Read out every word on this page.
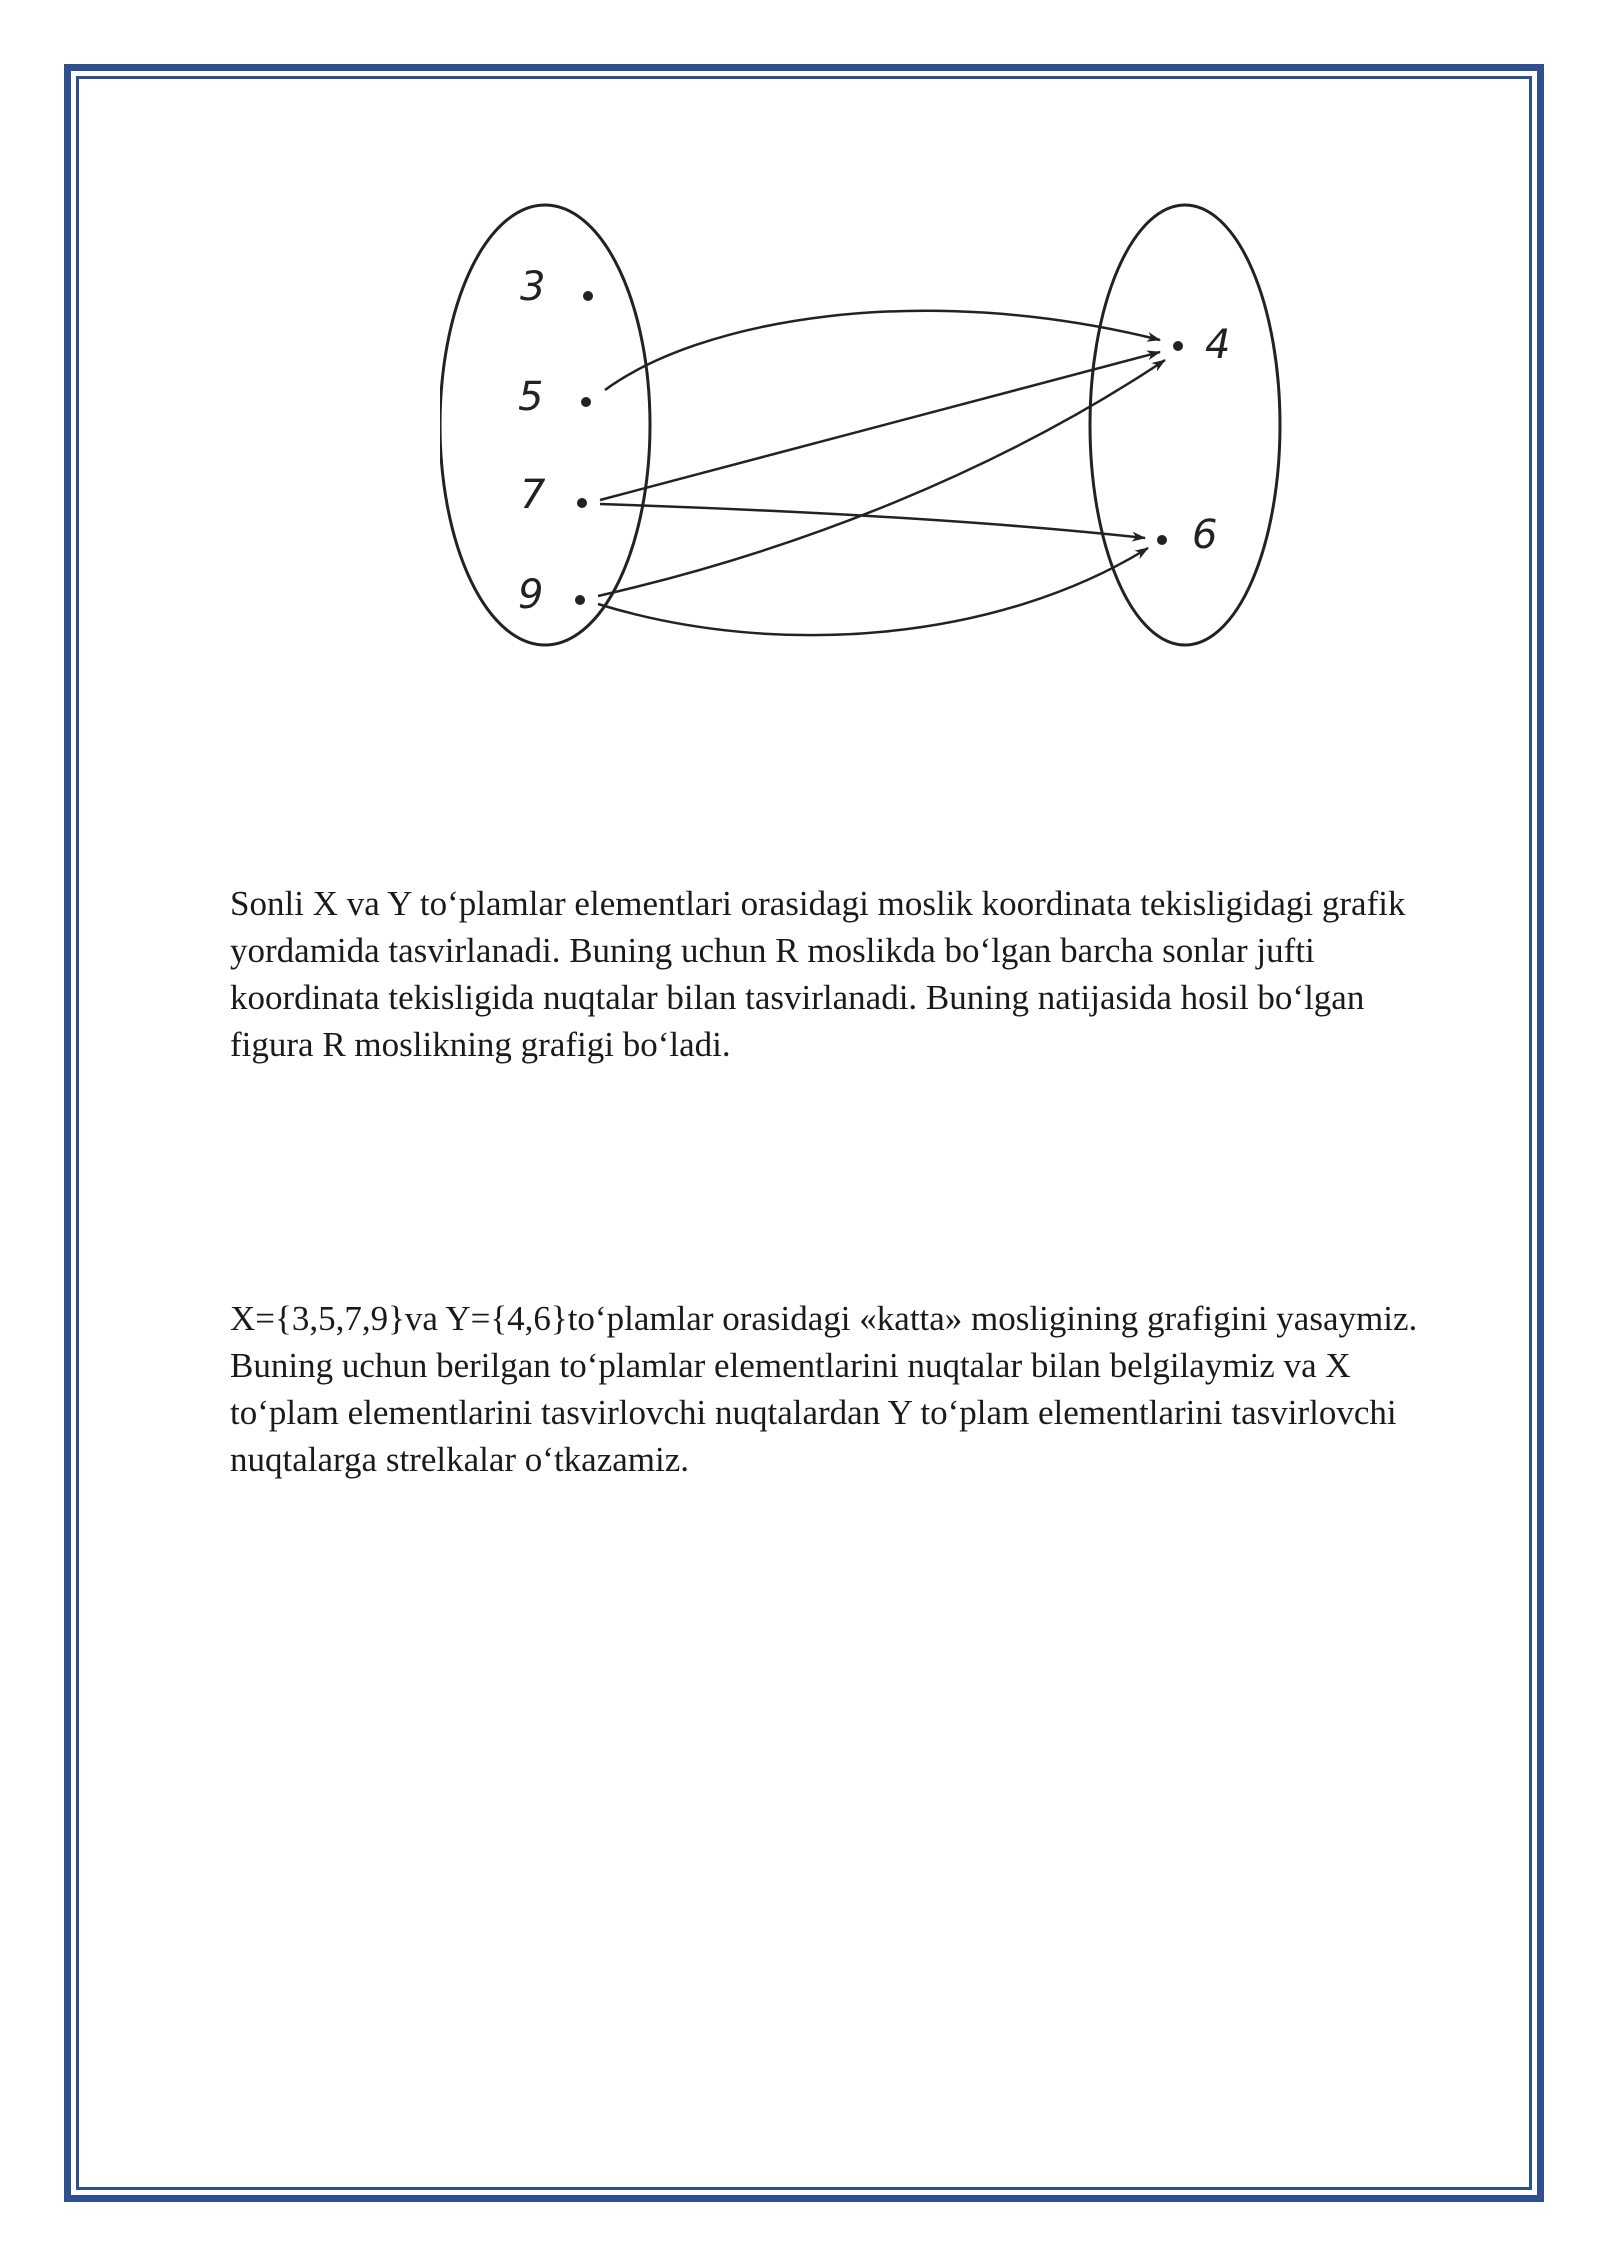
3
5
7
9
4
6

Sonli X va Y to‘plamlar elementlari orasidagi moslik koordinata tekisligidagi grafik yordamida tasvirlanadi. Buning uchun R moslikda bo‘lgan barcha sonlar jufti koordinata tekisligida nuqtalar bilan tasvirlanadi. Buning natijasida hosil bo‘lgan figura R moslikning grafigi bo‘ladi.

X={3,5,7,9}va Y={4,6}to‘plamlar orasidagi «katta» mosligining grafigini yasaymiz. Buning uchun berilgan to‘plamlar elementlarini nuqtalar bilan belgilaymiz va X to‘plam elementlarini tasvirlovchi nuqtalardan Y to‘plam elementlarini tasvirlovchi nuqtalarga strelkalar o‘tkazamiz.
